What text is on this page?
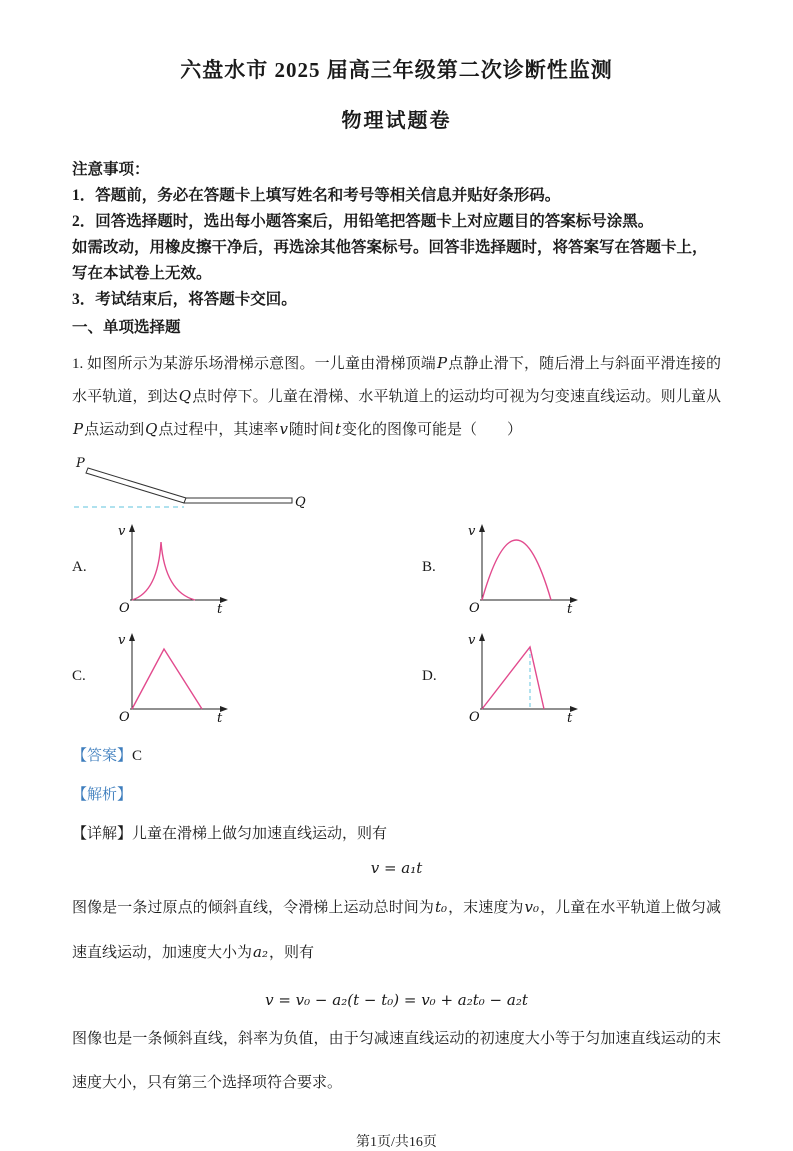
六盘水市 2025 届高三年级第二次诊断性监测

物理试题卷

注意事项：

1．答题前，务必在答题卡上填写姓名和考号等相关信息并贴好条形码。

2．回答选择题时，选出每小题答案后，用铅笔把答题卡上对应题目的答案标号涂黑。

如需改动，用橡皮擦干净后，再选涂其他答案标号。回答非选择题时，将答案写在答题卡上，写在本试卷上无效。

3．考试结束后，将答题卡交回。

一、单项选择题

1. 如图所示为某游乐场滑梯示意图。一儿童由滑梯顶端P点静止滑下，随后滑上与斜面平滑连接的水平轨道，到达Q点时停下。儿童在滑梯、水平轨道上的运动均可视为匀变速直线运动。则儿童从P点运动到Q点过程中，其速率v随时间t变化的图像可能是（　　）

P
Q
A.
v
t
O
B.
v
t
O
C.
v
t
O
D.
v
t
O

【答案】C

【解析】

【详解】儿童在滑梯上做匀加速直线运动，则有

v = a₁t

图像是一条过原点的倾斜直线，令滑梯上运动总时间为t₀，末速度为v₀，儿童在水平轨道上做匀减速直线运动，加速度大小为a₂，则有

v = v₀ − a₂(t − t₀) = v₀ + a₂t₀ − a₂t

图像也是一条倾斜直线，斜率为负值，由于匀减速直线运动的初速度大小等于匀加速直线运动的末速度大小，只有第三个选择项符合要求。

第1页/共16页
